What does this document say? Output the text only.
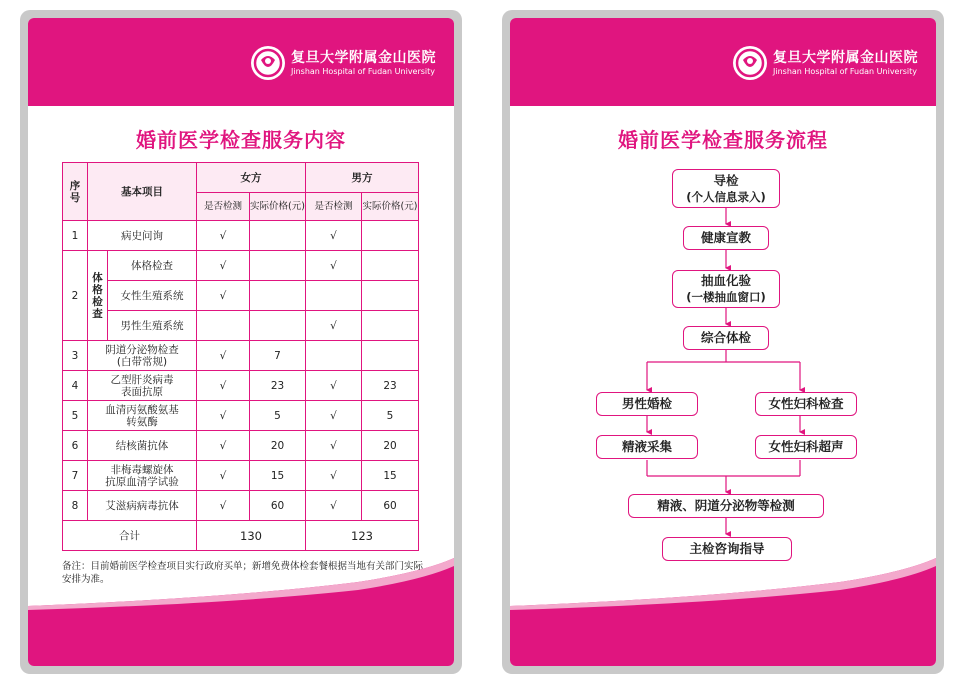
复旦大学附属金山医院
Jinshan Hospital of Fudan University
婚前医学检查服务内容
序号	基本项目		女方		男方	
			是否检测	实际价格(元)	是否检测	实际价格(元)
1	病史问询		√		√	
2	体格检查	体格检查	√		√	
		女性生殖系统	√			
		男性生殖系统			√	
3	阴道分泌物检查
(白带常规)		√	7		
4	乙型肝炎病毒
表面抗原		√	23	√	23
5	血清丙氨酸氨基
转氨酶		√	5	√	5
6	结核菌抗体		√	20	√	20
7	非梅毒螺旋体
抗原血清学试验		√	15	√	15
8	艾滋病病毒抗体		√	60	√	60
合计			130		123	
备注：目前婚前医学检查项目实行政府买单；新增免费体检套餐根据当地有关部门实际安排为准。
复旦大学附属金山医院
Jinshan Hospital of Fudan University
婚前医学检查服务流程
导检
(个人信息录入)
健康宣教
抽血化验
(一楼抽血窗口)
综合体检
男性婚检	女性妇科检查
精液采集	女性妇科超声
精液、阴道分泌物等检测
主检咨询指导
